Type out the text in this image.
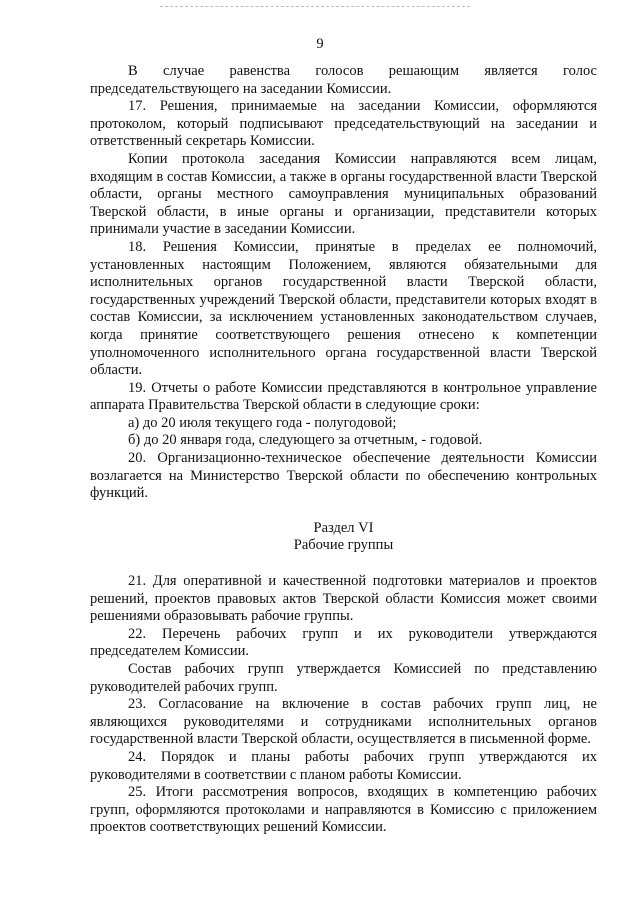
9

В случае равенства голосов решающим является голос председательствующего на заседании Комиссии.

17. Решения, принимаемые на заседании Комиссии, оформляются протоколом, который подписывают председательствующий на заседании и ответственный секретарь Комиссии.

Копии протокола заседания Комиссии направляются всем лицам, входящим в состав Комиссии, а также в органы государственной власти Тверской области, органы местного самоуправления муниципальных образований Тверской области, в иные органы и организации, представители которых принимали участие в заседании Комиссии.

18. Решения Комиссии, принятые в пределах ее полномочий, установленных настоящим Положением, являются обязательными для исполнительных органов государственной власти Тверской области, государственных учреждений Тверской области, представители которых входят в состав Комиссии, за исключением установленных законодательством случаев, когда принятие соответствующего решения отнесено к компетенции уполномоченного исполнительного органа государственной власти Тверской области.

19. Отчеты о работе Комиссии представляются в контрольное управление аппарата Правительства Тверской области в следующие сроки:

а) до 20 июля текущего года - полугодовой;

б) до 20 января года, следующего за отчетным, - годовой.

20. Организационно-техническое обеспечение деятельности Комиссии возлагается на Министерство Тверской области по обеспечению контрольных функций.

Раздел VI
Рабочие группы

21. Для оперативной и качественной подготовки материалов и проектов решений, проектов правовых актов Тверской области Комиссия может своими решениями образовывать рабочие группы.

22. Перечень рабочих групп и их руководители утверждаются председателем Комиссии.

Состав рабочих групп утверждается Комиссией по представлению руководителей рабочих групп.

23. Согласование на включение в состав рабочих групп лиц, не являющихся руководителями и сотрудниками исполнительных органов государственной власти Тверской области, осуществляется в письменной форме.

24. Порядок и планы работы рабочих групп утверждаются их руководителями в соответствии с планом работы Комиссии.

25. Итоги рассмотрения вопросов, входящих в компетенцию рабочих групп, оформляются протоколами и направляются в Комиссию с приложением проектов соответствующих решений Комиссии.
